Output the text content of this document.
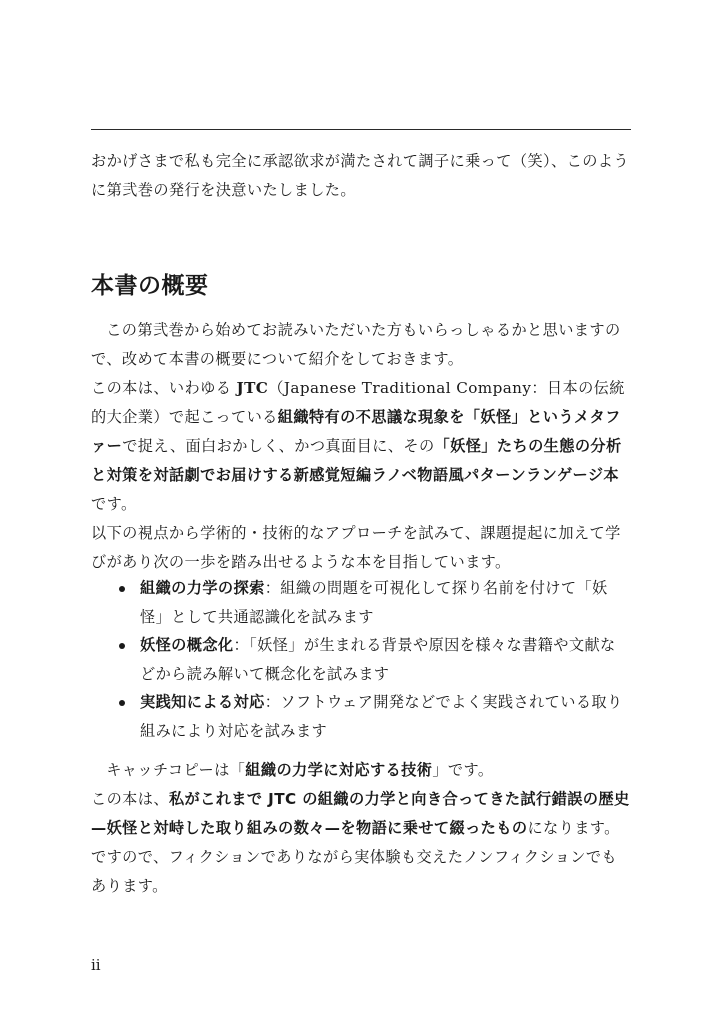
おかげさまで私も完全に承認欲求が満たされて調子に乗って（笑）、このように第弐巻の発行を決意いたしました。

本書の概要
この第弐巻から始めてお読みいただいた方もいらっしゃるかと思いますので、改めて本書の概要について紹介をしておきます。
この本は、いわゆる JTC（Japanese Traditional Company：日本の伝統的大企業）で起こっている組織特有の不思議な現象を「妖怪」というメタファーで捉え、面白おかしく、かつ真面目に、その「妖怪」たちの生態の分析と対策を対話劇でお届けする新感覚短編ラノベ物語風パターンランゲージ本です。
以下の視点から学術的・技術的なアプローチを試みて、課題提起に加えて学びがあり次の一歩を踏み出せるような本を目指しています。
組織の力学の探索：組織の問題を可視化して探り名前を付けて「妖怪」として共通認識化を試みます
妖怪の概念化：「妖怪」が生まれる背景や原因を様々な書籍や文献などから読み解いて概念化を試みます
実践知による対応：ソフトウェア開発などでよく実践されている取り組みにより対応を試みます
キャッチコピーは「組織の力学に対応する技術」です。
この本は、私がこれまで JTC の組織の力学と向き合ってきた試行錯誤の歴史—妖怪と対峙した取り組みの数々—を物語に乗せて綴ったものになります。ですので、フィクションでありながら実体験も交えたノンフィクションでもあります。
ii
